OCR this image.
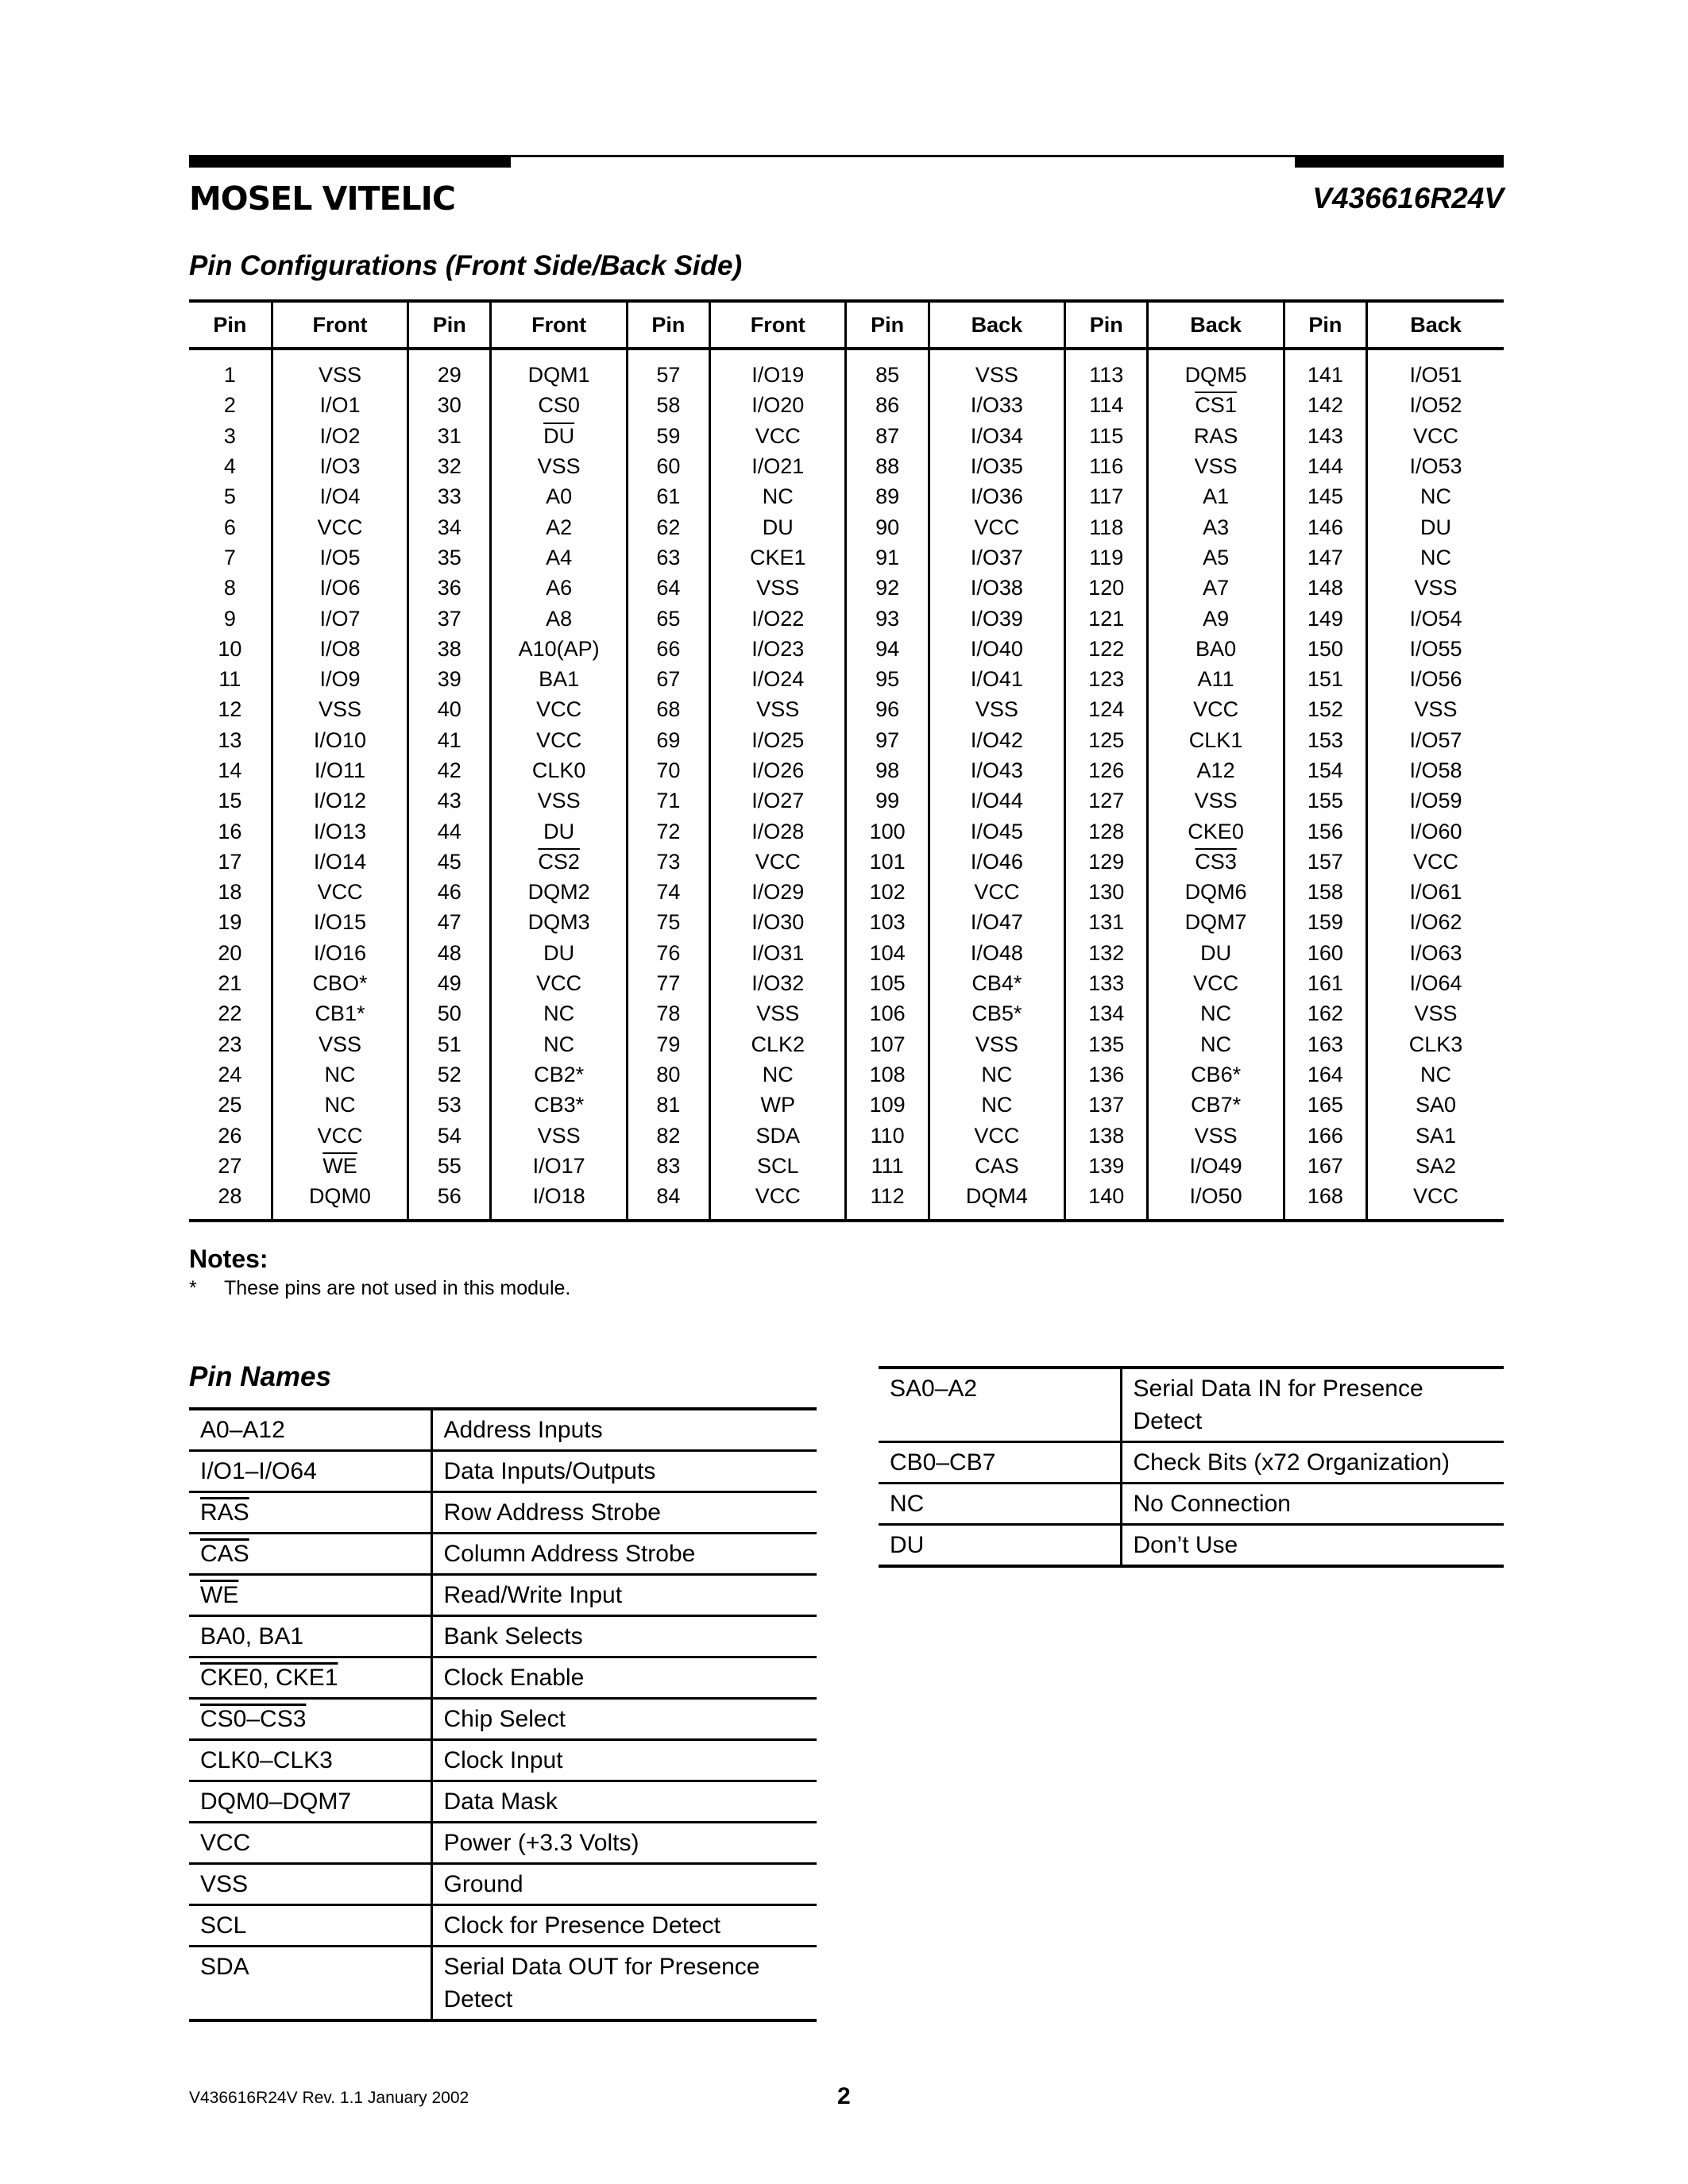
MOSEL VITELIC	V436616R24V
Pin Configurations (Front Side/Back Side)
Pin	Front	Pin	Front	Pin	Front	Pin	Back	Pin	Back	Pin	Back
1	VSS	29	DQM1	57	I/O19	85	VSS	113	DQM5	141	I/O51
2	I/O1	30	CS0	58	I/O20	86	I/O33	114	CS1	142	I/O52
3	I/O2	31	$\overline{DU}$	59	VCC	87	I/O34	115	RAS	143	VCC
4	I/O3	32	VSS	60	I/O21	88	I/O35	116	VSS	144	I/O53
5	I/O4	33	A0	61	NC	89	I/O36	117	A1	145	NC
6	VCC	34	A2	62	DU	90	VCC	118	A3	146	DU
7	I/O5	35	A4	63	CKE1	91	I/O37	119	A5	147	NC
8	I/O6	36	A6	64	VSS	92	I/O38	120	A7	148	VSS
9	I/O7	37	A8	65	I/O22	93	I/O39	121	A9	149	I/O54
10	I/O8	38	A10(AP)	66	I/O23	94	I/O40	122	BA0	150	I/O55
11	I/O9	39	BA1	67	I/O24	95	I/O41	123	A11	151	I/O56
12	VSS	40	VCC	68	VSS	96	VSS	124	VCC	152	VSS
13	I/O10	41	VCC	69	I/O25	97	I/O42	125	CLK1	153	I/O57
14	I/O11	42	CLK0	70	I/O26	98	I/O43	126	A12	154	I/O58
15	I/O12	43	VSS	71	I/O27	99	I/O44	127	VSS	155	I/O59
16	I/O13	44	DU	72	I/O28	100	I/O45	128	CKE0	156	I/O60
17	I/O14	45	CS2	73	VCC	101	I/O46	129	CS3	157	VCC
18	VCC	46	DQM2	74	I/O29	102	VCC	130	DQM6	158	I/O61
19	I/O15	47	DQM3	75	I/O30	103	I/O47	131	DQM7	159	I/O62
20	I/O16	48	DU	76	I/O31	104	I/O48	132	DU	160	I/O63
21	CBO*	49	VCC	77	I/O32	105	CB4*	133	VCC	161	I/O64
22	CB1*	50	NC	78	VSS	106	CB5*	134	NC	162	VSS
23	VSS	51	NC	79	CLK2	107	VSS	135	NC	163	CLK3
24	NC	52	CB2*	80	NC	108	NC	136	CB6*	164	NC
25	NC	53	CB3*	81	WP	109	NC	137	CB7*	165	SA0
26	VCC	54	VSS	82	SDA	110	VCC	138	VSS	166	SA1
27	$\overline{WE}$	55	I/O17	83	SCL	111	CAS	139	I/O49	167	SA2
28	DQM0	56	I/O18	84	VCC	112	DQM4	140	I/O50	168	VCC
Notes:
* These pins are not used in this module.
Pin Names
A0–A12	Address Inputs
I/O1–I/O64	Data Inputs/Outputs
$\overline{RAS}$	Row Address Strobe
$\overline{CAS}$	Column Address Strobe
$\overline{WE}$	Read/Write Input
BA0, BA1	Bank Selects
CKE0, CKE1	Clock Enable
CS0–CS3	Chip Select
CLK0–CLK3	Clock Input
DQM0–DQM7	Data Mask
VCC	Power (+3.3 Volts)
VSS	Ground
SCL	Clock for Presence Detect
SDA	Serial Data OUT for Presence Detect
SA0–A2	Serial Data IN for Presence Detect
CB0–CB7	Check Bits (x72 Organization)
NC	No Connection
DU	Don’t Use
V436616R24V Rev. 1.1 January 2002	2
